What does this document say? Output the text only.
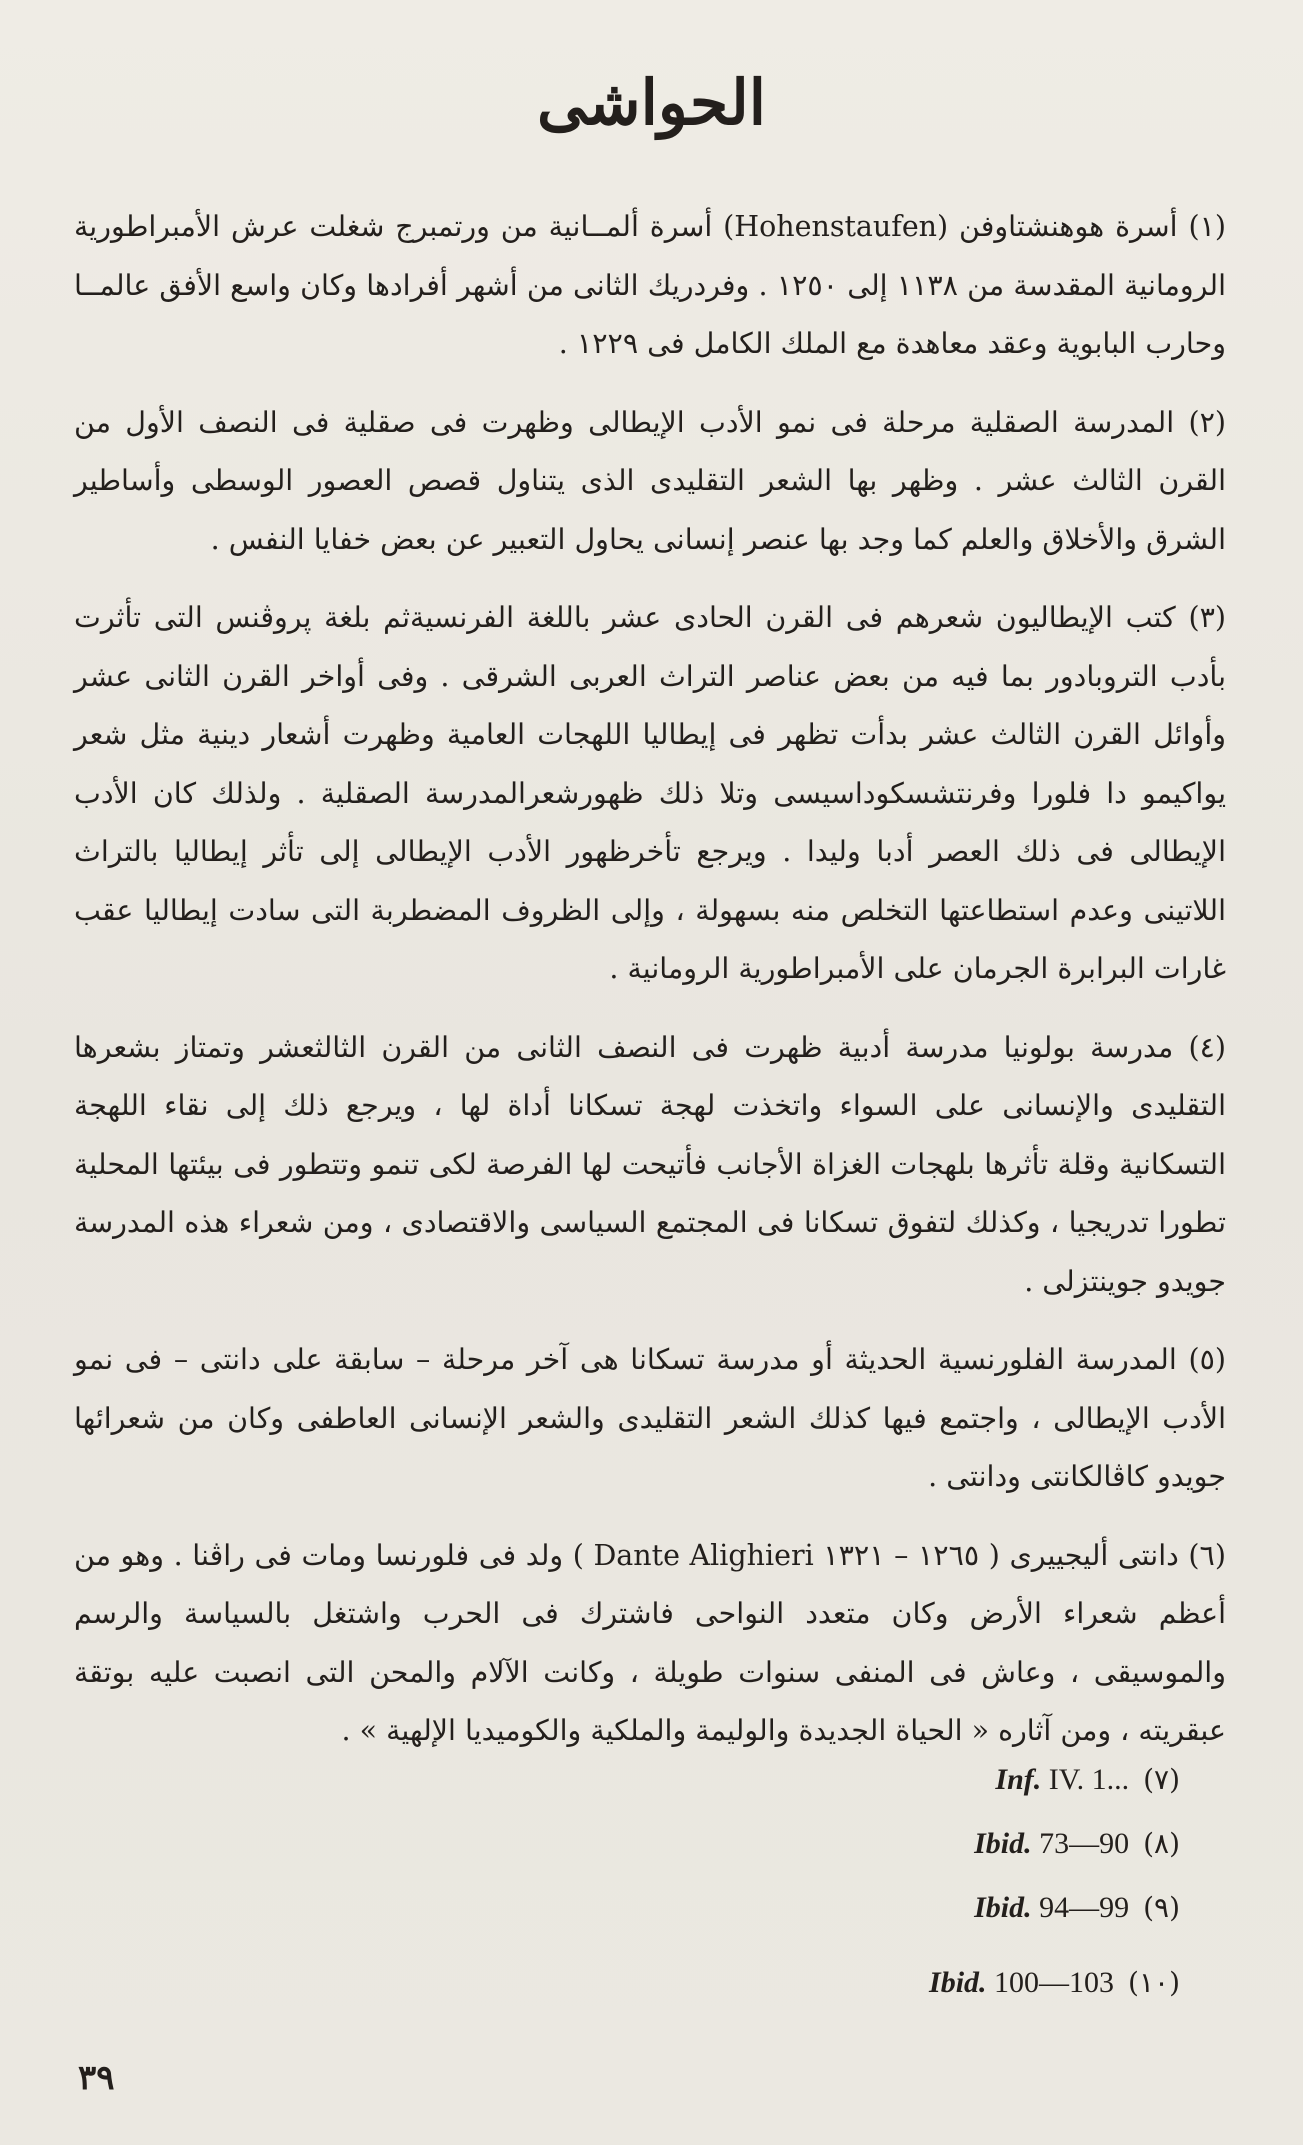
الحواشى

(١) أسرة هوهنشتاوفن (Hohenstaufen) أسرة ألمــانية من ورتمبرج شغلت عرش الأمبراطورية الرومانية المقدسة من ١١٣٨ إلى ١٢٥٠ . وفردريك الثانى من أشهر أفرادها وكان واسع الأفق عالمــا وحارب البابوية وعقد معاهدة مع الملك الكامل فى ١٢٢٩ .

(٢) المدرسة الصقلية مرحلة فى نمو الأدب الإيطالى وظهرت فى صقلية فى النصف الأول من القرن الثالث عشر . وظهر بها الشعر التقليدى الذى يتناول قصص العصور الوسطى وأساطير الشرق والأخلاق والعلم كما وجد بها عنصر إنسانى يحاول التعبير عن بعض خفايا النفس .

(٣) كتب الإيطاليون شعرهم فى القرن الحادى عشر باللغة الفرنسيةثم بلغة پروڤنس التى تأثرت بأدب التروبادور بما فيه من بعض عناصر التراث العربى الشرقى . وفى أواخر القرن الثانى عشر وأوائل القرن الثالث عشر بدأت تظهر فى إيطاليا اللهجات العامية وظهرت أشعار دينية مثل شعر يواكيمو دا فلورا وفرنتشسكوداسيسى وتلا ذلك ظهورشعرالمدرسة الصقلية . ولذلك كان الأدب الإيطالى فى ذلك العصر أدبا وليدا . ويرجع تأخرظهور الأدب الإيطالى إلى تأثر إيطاليا بالتراث اللاتينى وعدم استطاعتها التخلص منه بسهولة ، وإلى الظروف المضطربة التى سادت إيطاليا عقب غارات البرابرة الجرمان على الأمبراطورية الرومانية .

(٤) مدرسة بولونيا مدرسة أدبية ظهرت فى النصف الثانى من القرن الثالثعشر وتمتاز بشعرها التقليدى والإنسانى على السواء واتخذت لهجة تسكانا أداة لها ، ويرجع ذلك إلى نقاء اللهجة التسكانية وقلة تأثرها بلهجات الغزاة الأجانب فأتيحت لها الفرصة لكى تنمو وتتطور فى بيئتها المحلية تطورا تدريجيا ، وكذلك لتفوق تسكانا فى المجتمع السياسى والاقتصادى ، ومن شعراء هذه المدرسة جويدو جوينتزلى .

(٥) المدرسة الفلورنسية الحديثة أو مدرسة تسكانا هى آخر مرحلة – سابقة على دانتى – فى نمو الأدب الإيطالى ، واجتمع فيها كذلك الشعر التقليدى والشعر الإنسانى العاطفى وكان من شعرائها جويدو كاڤالكانتى ودانتى .

(٦) دانتى أليجييرى ( ١٢٦٥ – ١٣٢١ Dante Alighieri ) ولد فى فلورنسا ومات فى راڤنا . وهو من أعظم شعراء الأرض وكان متعدد النواحى فاشترك فى الحرب واشتغل بالسياسة والرسم والموسيقى ، وعاش فى المنفى سنوات طويلة ، وكانت الآلام والمحن التى انصبت عليه بوتقة عبقريته ، ومن آثاره « الحياة الجديدة والوليمة والملكية والكوميديا الإلهية » .

Inf. IV. 1... (٧)
Ibid. 73—90 (٨)
Ibid. 94—99 (٩)
Ibid. 100—103 (١٠)
٣٩
